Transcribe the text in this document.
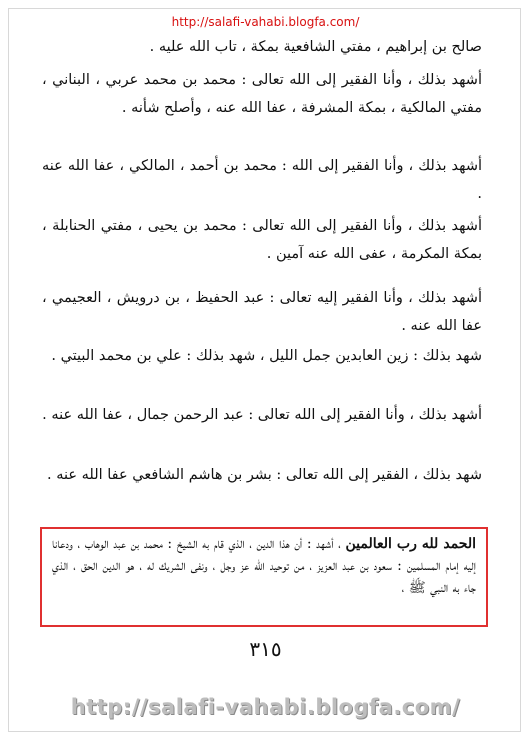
http://salafi-vahabi.blogfa.com/
صالح بن إبراهيم ، مفتي الشافعية بمكة ، تاب الله عليه .
أشهد بذلك ، وأنا الفقير إلى الله تعالى : محمد بن محمد عربي ، البناني ، مفتي المالكية ، بمكة المشرفة ، عفا الله عنه ، وأصلح شأنه .
أشهد بذلك ، وأنا الفقير إلى الله : محمد بن أحمد ، المالكي ، عفا الله عنه .
أشهد بذلك ، وأنا الفقير إلى الله تعالى : محمد بن يحيى ، مفتي الحنابلة ، بمكة المكرمة ، عفى الله عنه آمين .
أشهد بذلك ، وأنا الفقير إليه تعالى : عبد الحفيظ ، بن درويش ، العجيمي ، عفا الله عنه .
شهد بذلك : زين العابدين جمل الليل ، شهد بذلك : علي بن محمد البيتي .
أشهد بذلك ، وأنا الفقير إلى الله تعالى : عبد الرحمن جمال ، عفا الله عنه .
شهد بذلك ، الفقير إلى الله تعالى : بشر بن هاشم الشافعي عفا الله عنه .
الحمد لله رب العالمين ، أشهد : أن هذا الدين ، الذي قام به الشيخ : محمد بن عبد الوهاب ، ودعانا إليه إمام المسلمين : سعود بن عبد العزيز ، من توحيد الله عز وجل ، ونفى الشريك له ، هو الدين الحق ، الذي جاء به النبي ﷺ ،
٣١٥
http://salafi-vahabi.blogfa.com/
